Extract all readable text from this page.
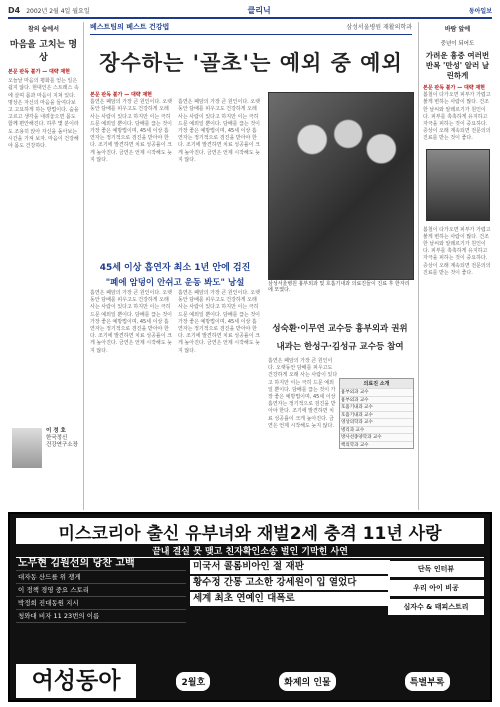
D4 2002년 2월 4일 월요일	클리닉	동아일보
참의 슬에서
마음을 고치는 명상
본문 판독 불가 — 대략 재현
오늘날 마음의 평화를 얻는 일은 쉽지 않다. 현대인은 스트레스 속에 살며 몸과 마음이 지쳐 있다. 명상은 자신의 마음을 들여다보고 고요하게 하는 방법이다. 숨을 고르고 생각을 내려놓으면 몸도 함께 편안해진다. 하루 몇 분이라도 조용히 앉아 자신을 돌아보는 시간을 가져 보자. 마음이 건강해야 몸도 건강하다.
이 정 호
한국정신
건강연구소장
베스트팀의 베스트 건강법	삼성서울병원 재활의학과
장수하는 '골초'는 예외 중 예외
본문 판독 불가 — 대략 재현
흡연은 폐암의 가장 큰 원인이다. 오랫동안 담배를 피우고도 건강하게 오래 사는 사람이 있다고 하지만 이는 극히 드문 예외일 뿐이다. 담배를 끊는 것이 가장 좋은 예방법이며, 45세 이상 흡연자는 정기적으로 검진을 받아야 한다. 조기에 발견하면 치료 성공률이 크게 높아진다. 금연은 언제 시작해도 늦지 않다.
흡연은 폐암의 가장 큰 원인이다. 오랫동안 담배를 피우고도 건강하게 오래 사는 사람이 있다고 하지만 이는 극히 드문 예외일 뿐이다. 담배를 끊는 것이 가장 좋은 예방법이며, 45세 이상 흡연자는 정기적으로 검진을 받아야 한다. 조기에 발견하면 치료 성공률이 크게 높아진다. 금연은 언제 시작해도 늦지 않다.
삼성서울병원 흉부외과 및 호흡기내과 의료진들이 진료 후 한자리에 모였다.
45세 이상 흡연자 최소 1년 안에 검진
"폐에 암덩이 안쉬고 운동 봐도" 낭설
흡연은 폐암의 가장 큰 원인이다. 오랫동안 담배를 피우고도 건강하게 오래 사는 사람이 있다고 하지만 이는 극히 드문 예외일 뿐이다. 담배를 끊는 것이 가장 좋은 예방법이며, 45세 이상 흡연자는 정기적으로 검진을 받아야 한다. 조기에 발견하면 치료 성공률이 크게 높아진다. 금연은 언제 시작해도 늦지 않다.
흡연은 폐암의 가장 큰 원인이다. 오랫동안 담배를 피우고도 건강하게 오래 사는 사람이 있다고 하지만 이는 극히 드문 예외일 뿐이다. 담배를 끊는 것이 가장 좋은 예방법이며, 45세 이상 흡연자는 정기적으로 검진을 받아야 한다. 조기에 발견하면 치료 성공률이 크게 높아진다. 금연은 언제 시작해도 늦지 않다.
성숙환·이무연 교수등 흉부외과 권위
내과는 한성구·김성규 교수등 참여
흡연은 폐암의 가장 큰 원인이다. 오랫동안 담배를 피우고도 건강하게 오래 사는 사람이 있다고 하지만 이는 극히 드문 예외일 뿐이다. 담배를 끊는 것이 가장 좋은 예방법이며, 45세 이상 흡연자는 정기적으로 검진을 받아야 한다. 조기에 발견하면 치료 성공률이 크게 높아진다. 금연은 언제 시작해도 늦지 않다.
의료진 소개
흉부외과 교수
흉부외과 교수
호흡기내과 교수
호흡기내과 교수
영상의학과 교수
병리과 교수
방사선종양학과 교수
핵의학과 교수
바람 앞에
중년이 되어도
가려운 흉중 여러번 반복 '만성' 알러 날린하게
본문 판독 불가 — 대략 재현
봄철이 다가오면 피부가 가렵고 붉게 변하는 사람이 많다. 건조한 날씨와 알레르기가 원인이다. 피부를 촉촉하게 유지하고 자극을 피하는 것이 중요하다. 증상이 오래 계속되면 전문의의 진료를 받는 것이 좋다.
봄철이 다가오면 피부가 가렵고 붉게 변하는 사람이 많다. 건조한 날씨와 알레르기가 원인이다. 피부를 촉촉하게 유지하고 자극을 피하는 것이 중요하다. 증상이 오래 계속되면 전문의의 진료를 받는 것이 좋다.
미스코리아 출신 유부녀와 재벌2세 충격 11년 사랑
끝내 결실 못 맺고 친자확인소송 벌인 기막힌 사연
노무현 김원선의 당찬 고백
대자동 산드를 위 쟁게
이 정책 경영 중요 스토리
박정희 진대동원 지시
청와대 비자 11 23번의 이름
미국서 콜롬비아인 절 재판
황수정 간통 고소한 강세원이 입 열었다
세계 최초 연예인 대폭로
단독 인터뷰
우리 아이 비공
심자수 & 태피스트리
여성동아	2월호	화제의 인물	특별부록
